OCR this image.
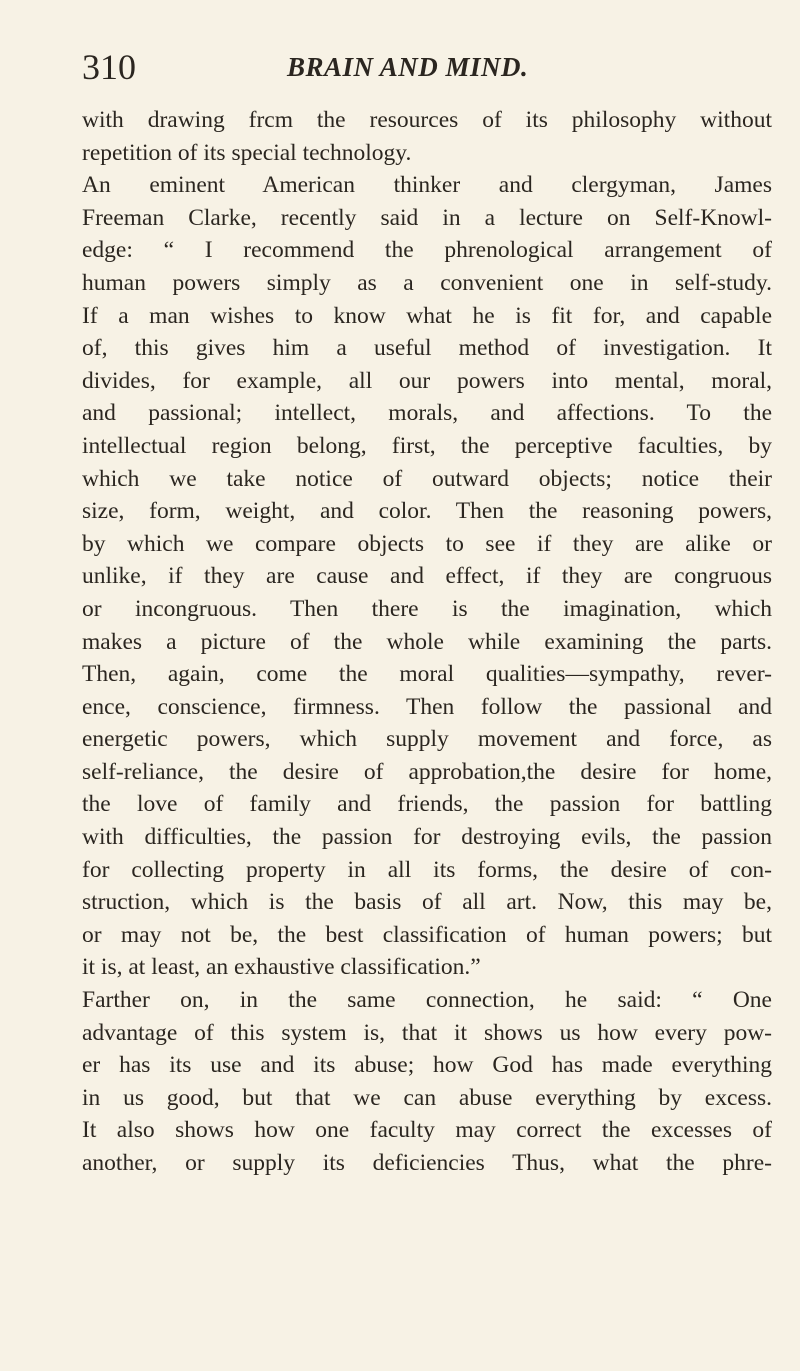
310	BRAIN AND MIND.
with drawing frcm the resources of its philosophy without
repetition of its special technology.
An eminent American thinker and clergyman, James
Freeman Clarke, recently said in a lecture on Self-Knowl-
edge: “ I recommend the phrenological arrangement of
human powers simply as a convenient one in self-study.
If a man wishes to know what he is fit for, and capable
of, this gives him a useful method of investigation. It
divides, for example, all our powers into mental, moral,
and passional; intellect, morals, and affections. To the
intellectual region belong, first, the perceptive faculties, by
which we take notice of outward objects; notice their
size, form, weight, and color. Then the reasoning powers,
by which we compare objects to see if they are alike or
unlike, if they are cause and effect, if they are congruous
or incongruous. Then there is the imagination, which
makes a picture of the whole while examining the parts.
Then, again, come the moral qualities—sympathy, rever-
ence, conscience, firmness. Then follow the passional and
energetic powers, which supply movement and force, as
self-reliance, the desire of approbation,the desire for home,
the love of family and friends, the passion for battling
with difficulties, the passion for destroying evils, the passion
for collecting property in all its forms, the desire of con-
struction, which is the basis of all art. Now, this may be,
or may not be, the best classification of human powers; but
it is, at least, an exhaustive classification.”
Farther on, in the same connection, he said: “ One
advantage of this system is, that it shows us how every pow-
er has its use and its abuse; how God has made everything
in us good, but that we can abuse everything by excess.
It also shows how one faculty may correct the excesses of
another, or supply its deficiencies Thus, what the phre-
